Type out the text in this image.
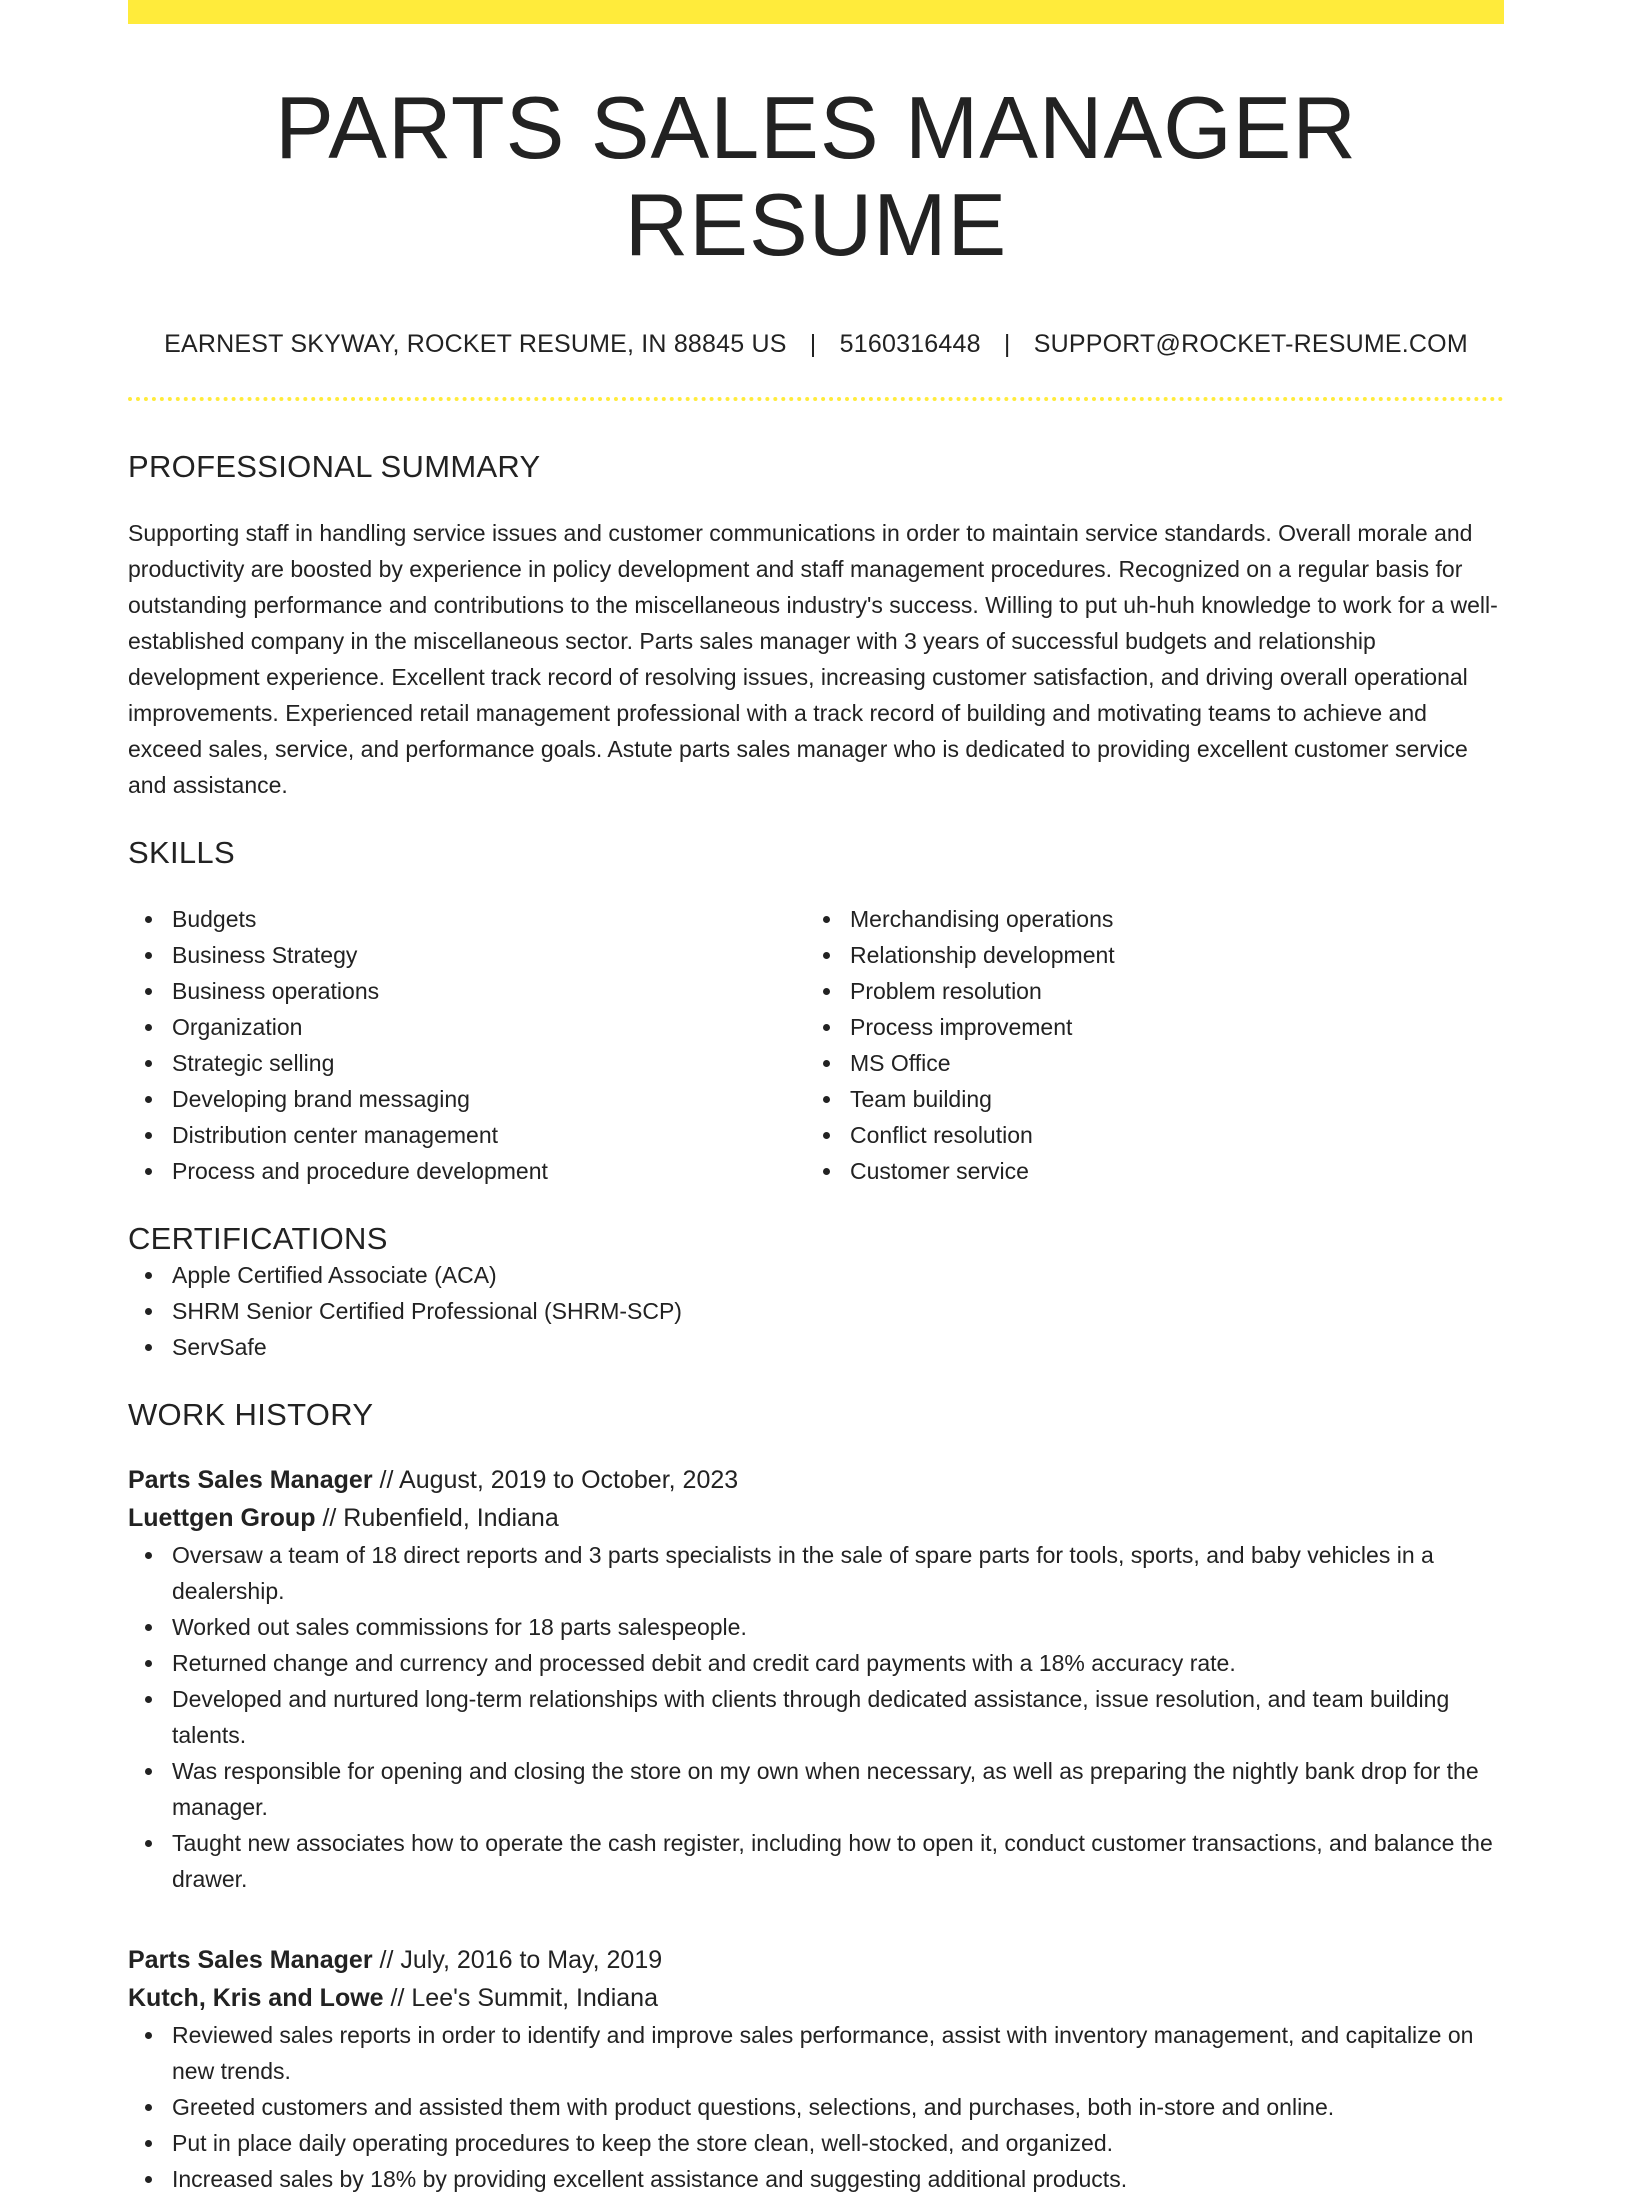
PARTS SALES MANAGER RESUME
EARNEST SKYWAY, ROCKET RESUME, IN 88845 US | 5160316448 | SUPPORT@ROCKET-RESUME.COM
PROFESSIONAL SUMMARY
Supporting staff in handling service issues and customer communications in order to maintain service standards. Overall morale and productivity are boosted by experience in policy development and staff management procedures. Recognized on a regular basis for outstanding performance and contributions to the miscellaneous industry's success. Willing to put uh-huh knowledge to work for a well-established company in the miscellaneous sector. Parts sales manager with 3 years of successful budgets and relationship development experience. Excellent track record of resolving issues, increasing customer satisfaction, and driving overall operational improvements. Experienced retail management professional with a track record of building and motivating teams to achieve and exceed sales, service, and performance goals. Astute parts sales manager who is dedicated to providing excellent customer service and assistance.
SKILLS
Budgets
Business Strategy
Business operations
Organization
Strategic selling
Developing brand messaging
Distribution center management
Process and procedure development
Merchandising operations
Relationship development
Problem resolution
Process improvement
MS Office
Team building
Conflict resolution
Customer service
CERTIFICATIONS
Apple Certified Associate (ACA)
SHRM Senior Certified Professional (SHRM-SCP)
ServSafe
WORK HISTORY
Parts Sales Manager // August, 2019 to October, 2023
Luettgen Group // Rubenfield, Indiana
Oversaw a team of 18 direct reports and 3 parts specialists in the sale of spare parts for tools, sports, and baby vehicles in a dealership.
Worked out sales commissions for 18 parts salespeople.
Returned change and currency and processed debit and credit card payments with a 18% accuracy rate.
Developed and nurtured long-term relationships with clients through dedicated assistance, issue resolution, and team building talents.
Was responsible for opening and closing the store on my own when necessary, as well as preparing the nightly bank drop for the manager.
Taught new associates how to operate the cash register, including how to open it, conduct customer transactions, and balance the drawer.
Parts Sales Manager // July, 2016 to May, 2019
Kutch, Kris and Lowe // Lee's Summit, Indiana
Reviewed sales reports in order to identify and improve sales performance, assist with inventory management, and capitalize on new trends.
Greeted customers and assisted them with product questions, selections, and purchases, both in-store and online.
Put in place daily operating procedures to keep the store clean, well-stocked, and organized.
Increased sales by 18% by providing excellent assistance and suggesting additional products.
